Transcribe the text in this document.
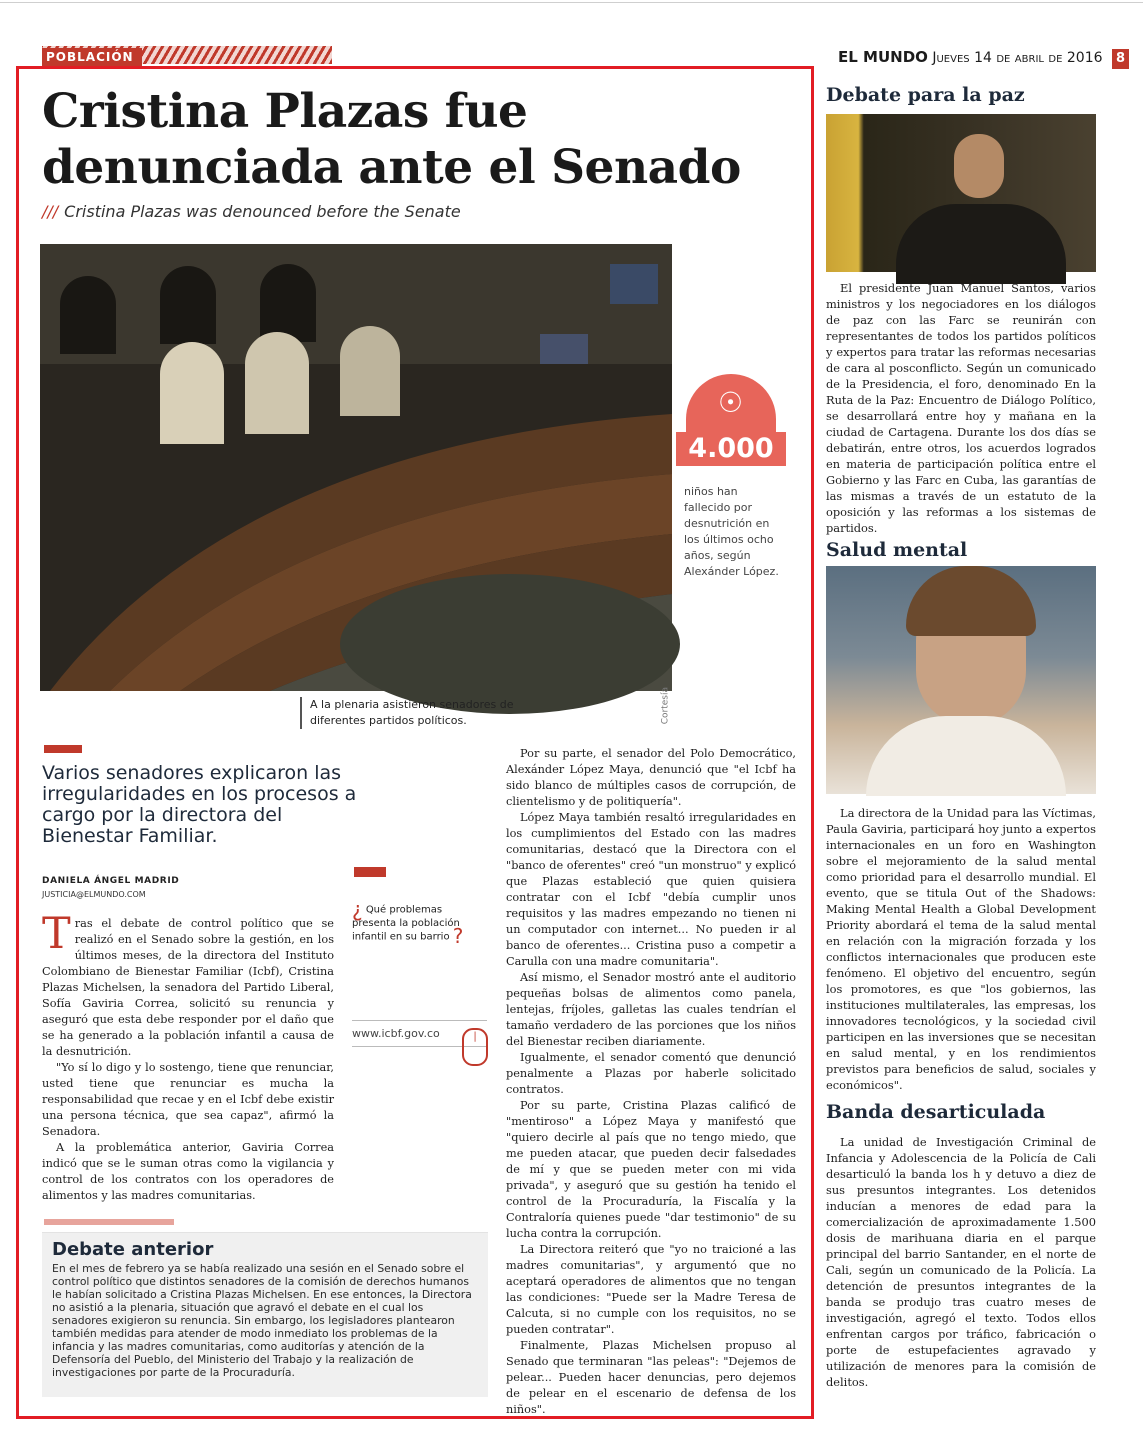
POBLACIÓN	EL MUNDO Jueves 14 de abril de 2016 8
Cristina Plazas fue denunciada ante el Senado
/// Cristina Plazas was denounced before the Senate
Cortesía
A la plenaria asistieron senadores de diferentes partidos políticos.
☉
4.000
niños han fallecido por desnutrición en los últimos ocho años, según Alexánder López.
Varios senadores explicaron las irregularidades en los procesos a cargo por la directora del Bienestar Familiar.
DANIELA ÁNGEL MADRID
JUSTICIA@ELMUNDO.COM

Tras el debate de control político que se realizó en el Senado sobre la gestión, en los últimos meses, de la directora del Instituto Colombiano de Bienestar Familiar (Icbf), Cristina Plazas Michelsen, la senadora del Partido Liberal, Sofía Gaviria Correa, solicitó su renuncia y aseguró que esta debe responder por el daño que se ha generado a la población infantil a causa de la desnutrición.

"Yo sí lo digo y lo sostengo, tiene que renunciar, usted tiene que renunciar es mucha la responsabilidad que recae y en el Icbf debe existir una persona técnica, que sea capaz", afirmó la Senadora.

A la problemática anterior, Gaviria Correa indicó que se le suman otras como la vigilancia y control de los contratos con los operadores de alimentos y las madres comunitarias.

¿ Qué problemas presenta la población infantil en su barrio ?
www.icbf.gov.co	|

Por su parte, el senador del Polo Democrático, Alexánder López Maya, denunció que "el Icbf ha sido blanco de múltiples casos de corrupción, de clientelismo y de politiquería".

López Maya también resaltó irregularidades en los cumplimientos del Estado con las madres comunitarias, destacó que la Directora con el "banco de oferentes" creó "un monstruo" y explicó que Plazas estableció que quien quisiera contratar con el Icbf "debía cumplir unos requisitos y las madres empezando no tienen ni un computador con internet... No pueden ir al banco de oferentes... Cristina puso a competir a Carulla con una madre comunitaria".

Así mismo, el Senador mostró ante el auditorio pequeñas bolsas de alimentos como panela, lentejas, fríjoles, galletas las cuales tendrían el tamaño verdadero de las porciones que los niños del Bienestar reciben diariamente.

Igualmente, el senador comentó que denunció penalmente a Plazas por haberle solicitado contratos.

Por su parte, Cristina Plazas calificó de "mentiroso" a López Maya y manifestó que "quiero decirle al país que no tengo miedo, que me pueden atacar, que pueden decir falsedades de mí y que se pueden meter con mi vida privada", y aseguró que su gestión ha tenido el control de la Procuraduría, la Fiscalía y la Contraloría quienes puede "dar testimonio" de su lucha contra la corrupción.

La Directora reiteró que "yo no traicioné a las madres comunitarias", y argumentó que no aceptará operadores de alimentos que no tengan las condiciones: "Puede ser la Madre Teresa de Calcuta, si no cumple con los requisitos, no se pueden contratar".

Finalmente, Plazas Michelsen propuso al Senado que terminaran "las peleas": "Dejemos de pelear... Pueden hacer denuncias, pero dejemos de pelear en el escenario de defensa de los niños".

Debate anterior

En el mes de febrero ya se había realizado una sesión en el Senado sobre el control político que distintos senadores de la comisión de derechos humanos le habían solicitado a Cristina Plazas Michelsen. En ese entonces, la Directora no asistió a la plenaria, situación que agravó el debate en el cual los senadores exigieron su renuncia. Sin embargo, los legisladores plantearon también medidas para atender de modo inmediato los problemas de la infancia y las madres comunitarias, como auditorías y atención de la Defensoría del Pueblo, del Ministerio del Trabajo y la realización de investigaciones por parte de la Procuraduría.

Debate para la paz

El presidente Juan Manuel Santos, varios ministros y los negociadores en los diálogos de paz con las Farc se reunirán con representantes de todos los partidos políticos y expertos para tratar las reformas necesarias de cara al posconflicto. Según un comunicado de la Presidencia, el foro, denominado En la Ruta de la Paz: Encuentro de Diálogo Político, se desarrollará entre hoy y mañana en la ciudad de Cartagena. Durante los dos días se debatirán, entre otros, los acuerdos logrados en materia de participación política entre el Gobierno y las Farc en Cuba, las garantías de las mismas a través de un estatuto de la oposición y las reformas a los sistemas de partidos.

Salud mental

La directora de la Unidad para las Víctimas, Paula Gaviria, participará hoy junto a expertos internacionales en un foro en Washington sobre el mejoramiento de la salud mental como prioridad para el desarrollo mundial. El evento, que se titula Out of the Shadows: Making Mental Health a Global Development Priority abordará el tema de la salud mental en relación con la migración forzada y los conflictos internacionales que producen este fenómeno. El objetivo del encuentro, según los promotores, es que "los gobiernos, las instituciones multilaterales, las empresas, los innovadores tecnológicos, y la sociedad civil participen en las inversiones que se necesitan en salud mental, y en los rendimientos previstos para beneficios de salud, sociales y económicos".

Banda desarticulada

La unidad de Investigación Criminal de Infancia y Adolescencia de la Policía de Cali desarticuló la banda los h y detuvo a diez de sus presuntos integrantes. Los detenidos inducían a menores de edad para la comercialización de aproximadamente 1.500 dosis de marihuana diaria en el parque principal del barrio Santander, en el norte de Cali, según un comunicado de la Policía. La detención de presuntos integrantes de la banda se produjo tras cuatro meses de investigación, agregó el texto. Todos ellos enfrentan cargos por tráfico, fabricación o porte de estupefacientes agravado y utilización de menores para la comisión de delitos.
